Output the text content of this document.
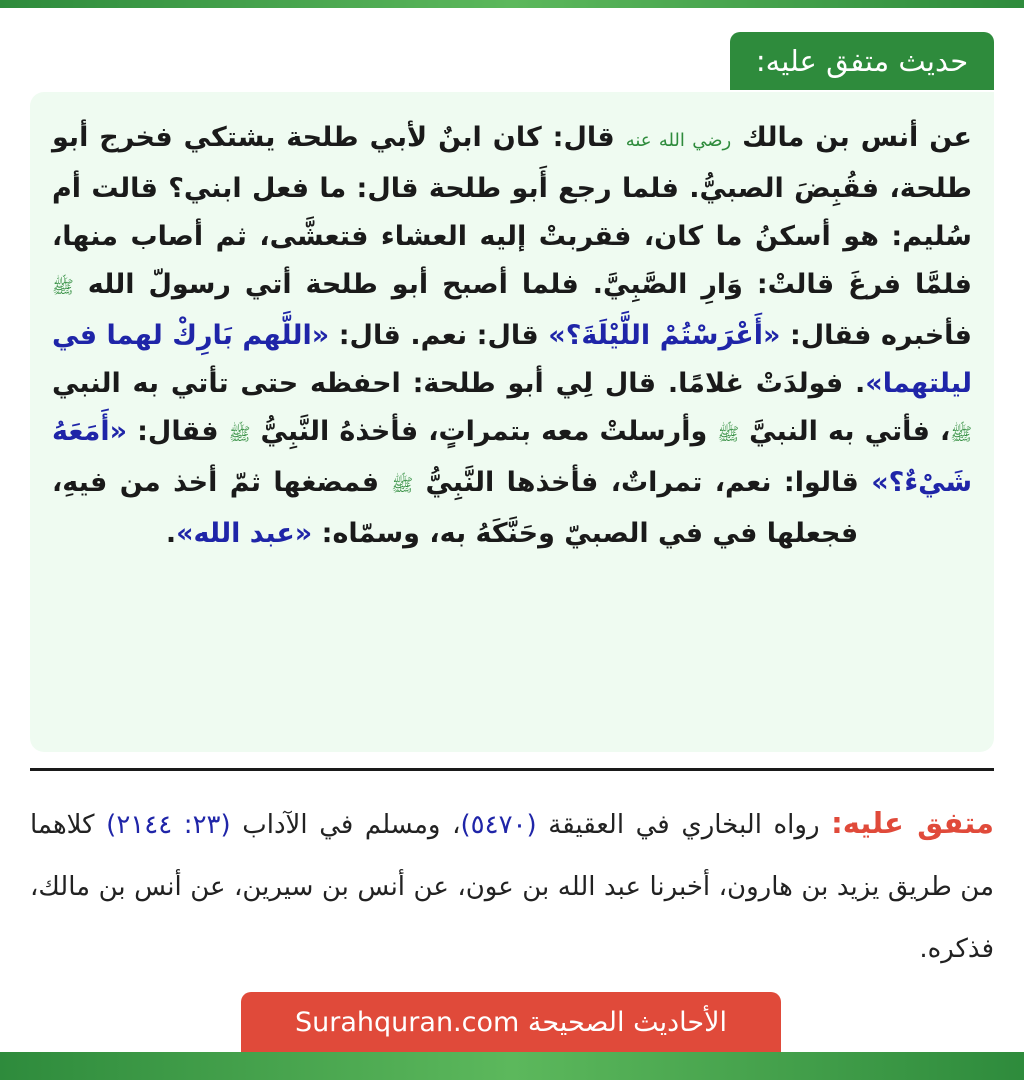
حديث متفق عليه:

عن أنس بن مالك رضي الله عنه قال: كان ابنٌ لأبي طلحة يشتكي فخرج أبو طلحة، فقُبِضَ الصبيُّ. فلما رجع أَبو طلحة قال: ما فعل ابني؟ قالت أم سُليم: هو أسكنُ ما كان، فقربتْ إليه العشاء فتعشَّى، ثم أصاب منها، فلمَّا فرغَ قالتْ: وَارِ الصَّبِيَّ. فلما أصبح أبو طلحة أتي رسولّ الله ﷺ فأخبره فقال: «أَعْرَسْتُمْ اللَّيْلَةَ؟» قال: نعم. قال: «اللَّهم بَارِكْ لهما في ليلتهما». فولدَتْ غلامًا. قال لِي أبو طلحة: احفظه حتى تأتي به النبي ﷺ، فأتي به النبيَّ ﷺ وأرسلتْ معه بتمراتٍ، فأخذهُ النَّبِيُّ ﷺ فقال: «أَمَعَهُ شَيْءٌ؟» قالوا: نعم، تمراتٌ، فأخذها النَّبِيُّ ﷺ فمضغها ثمّ أخذ من فيهِ، فجعلها في في الصبيّ وحَنَّكَهُ به، وسمّاه: «عبد الله».

متفق عليه: رواه البخاري في العقيقة (٥٤٧٠)، ومسلم في الآداب (٢٣: ٢١٤٤) كلاهما من طريق يزيد بن هارون، أخبرنا عبد الله بن عون، عن أنس بن سيرين، عن أنس بن مالك، فذكره.

الأحاديث الصحيحة Surahquran.com
